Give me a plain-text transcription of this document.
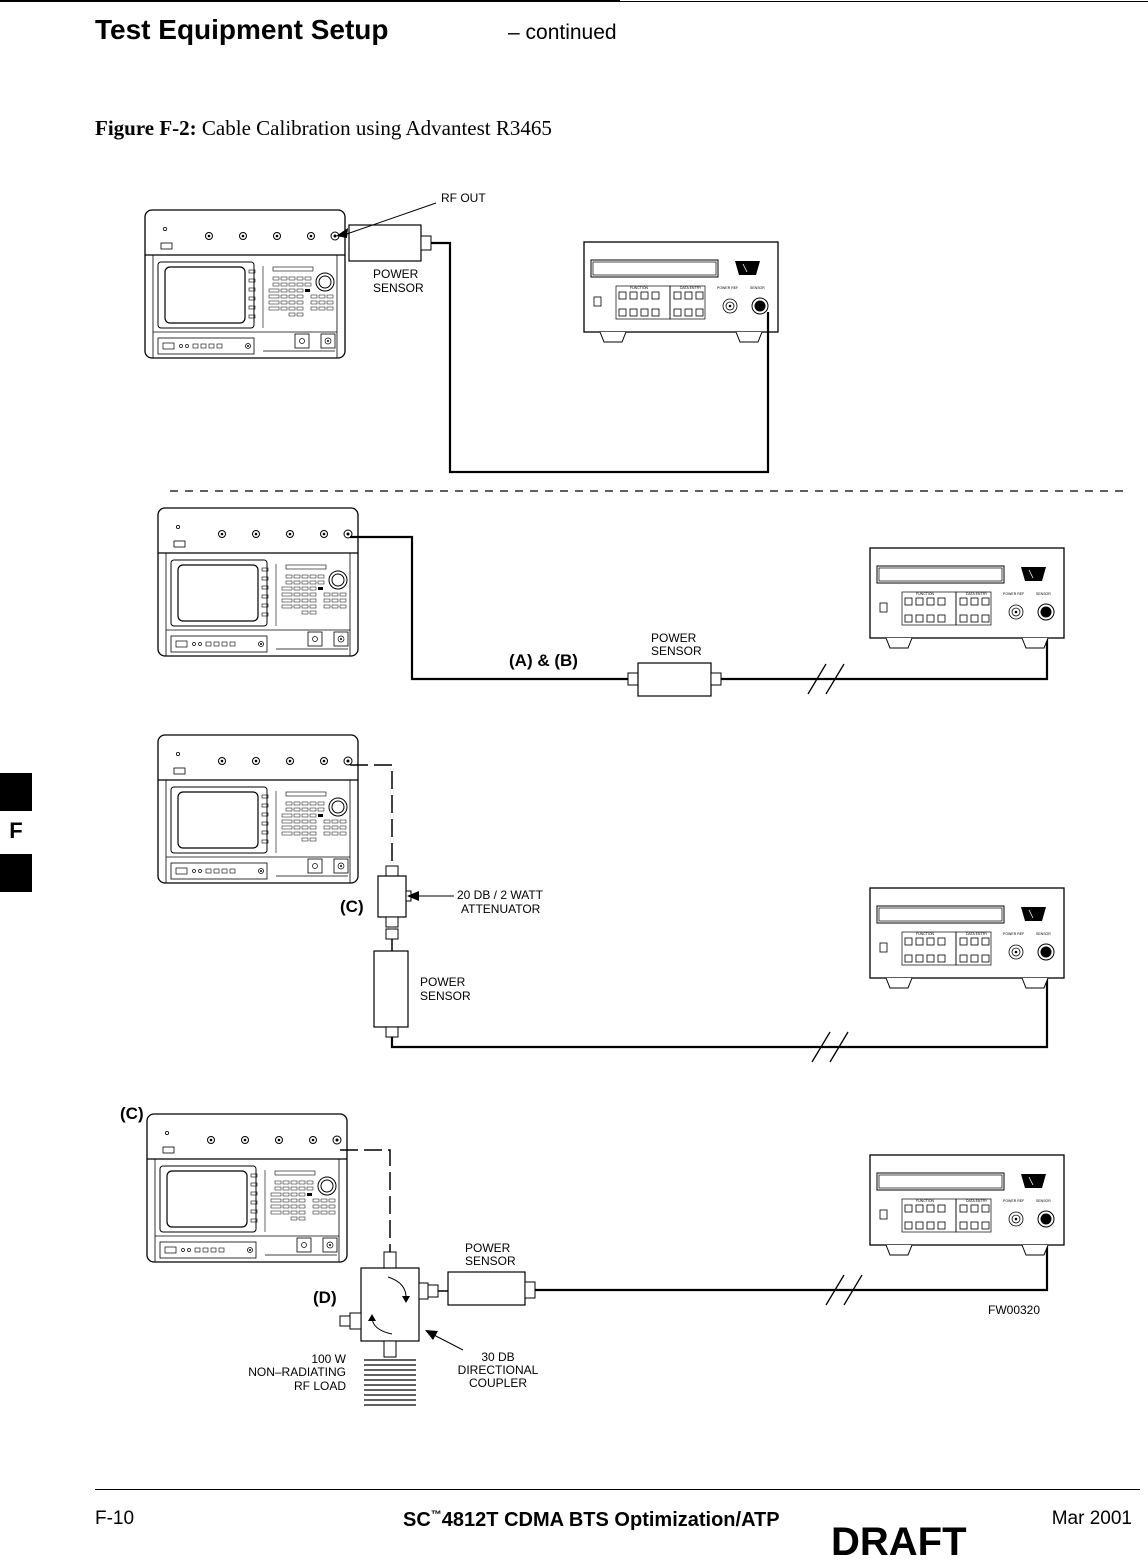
Test Equipment Setup	– continued
Figure F-2: Cable Calibration using Advantest R3465
FUNCTION	DATA ENTRY	POWER REF	SENSOR
RF OUT
POWER
SENSOR
POWER
SENSOR
(A) & (B)
20 DB / 2 WATT
ATTENUATOR
(C)
POWER
SENSOR
(C)
(D)
POWER
SENSOR
100 W
NON–RADIATING
RF LOAD
30 DB
DIRECTIONAL
COUPLER
FW00320
F
F-10	SC™4812T CDMA BTS Optimization/ATP	Mar 2001
DRAFT
